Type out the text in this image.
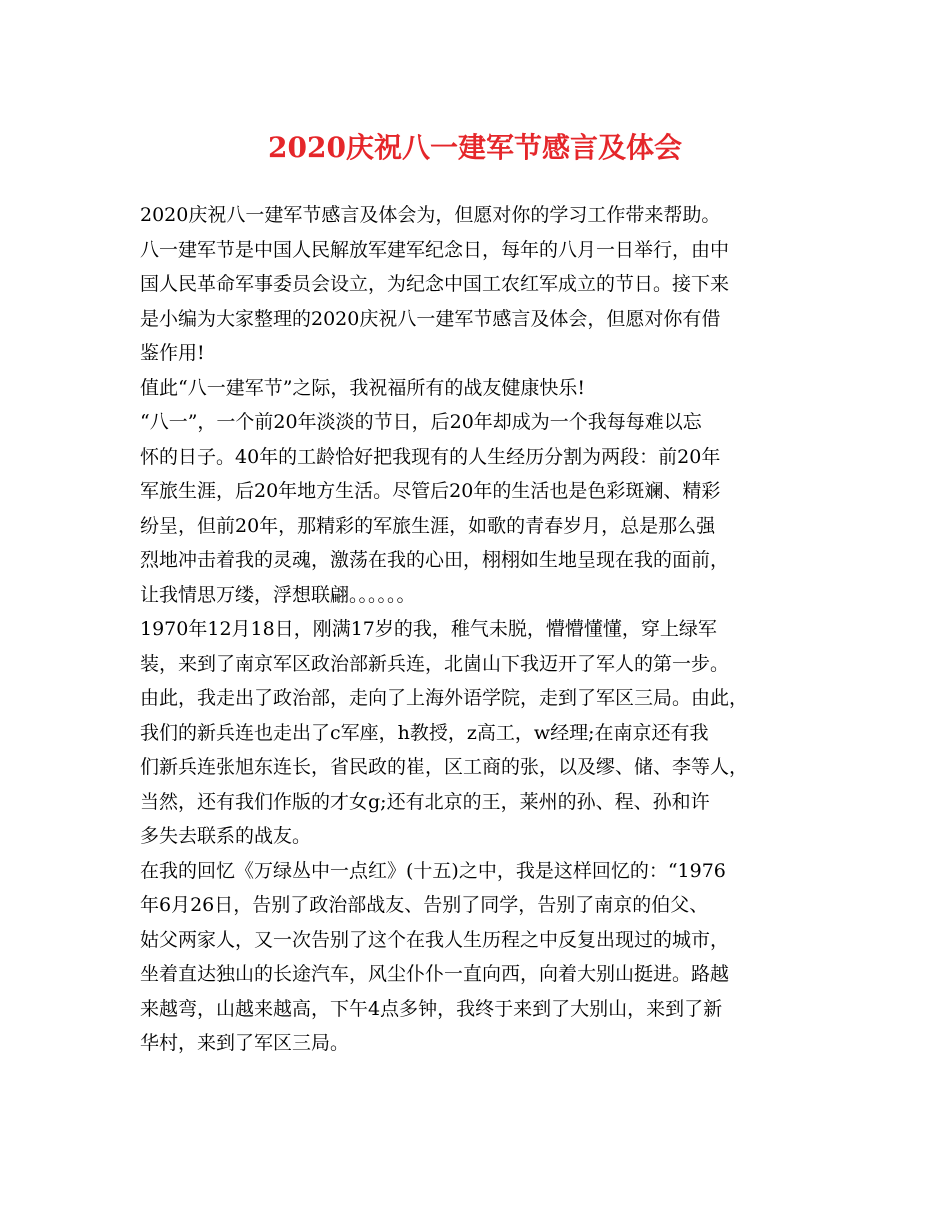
2020庆祝八一建军节感言及体会
2020庆祝八一建军节感言及体会为，但愿对你的学习工作带来帮助。
八一建军节是中国人民解放军建军纪念日，每年的八月一日举行，由中
国人民革命军事委员会设立，为纪念中国工农红军成立的节日。接下来
是小编为大家整理的2020庆祝八一建军节感言及体会，但愿对你有借
鉴作用!
值此“八一建军节”之际，我祝福所有的战友健康快乐!
“八一”，一个前20年淡淡的节日，后20年却成为一个我每每难以忘
怀的日子。40年的工龄恰好把我现有的人生经历分割为两段：前20年
军旅生涯，后20年地方生活。尽管后20年的生活也是色彩斑斓、精彩
纷呈，但前20年，那精彩的军旅生涯，如歌的青春岁月，总是那么强
烈地冲击着我的灵魂，激荡在我的心田，栩栩如生地呈现在我的面前，
让我情思万缕，浮想联翩。。。。。。
1970年12月18日，刚满17岁的我，稚气未脱，懵懵懂懂，穿上绿军
装，来到了南京军区政治部新兵连，北崮山下我迈开了军人的第一步。
由此，我走出了政治部，走向了上海外语学院，走到了军区三局。由此，
我们的新兵连也走出了c军座，h教授，z高工，w经理;在南京还有我
们新兵连张旭东连长，省民政的崔，区工商的张，以及缪、储、李等人，
当然，还有我们作版的才女g;还有北京的王，莱州的孙、程、孙和许
多失去联系的战友。
在我的回忆《万绿丛中一点红》(十五)之中，我是这样回忆的：“1976
年6月26日，告别了政治部战友、告别了同学，告别了南京的伯父、
姑父两家人，又一次告别了这个在我人生历程之中反复出现过的城市，
坐着直达独山的长途汽车，风尘仆仆一直向西，向着大别山挺进。路越
来越弯，山越来越高，下午4点多钟，我终于来到了大别山，来到了新
华村，来到了军区三局。
